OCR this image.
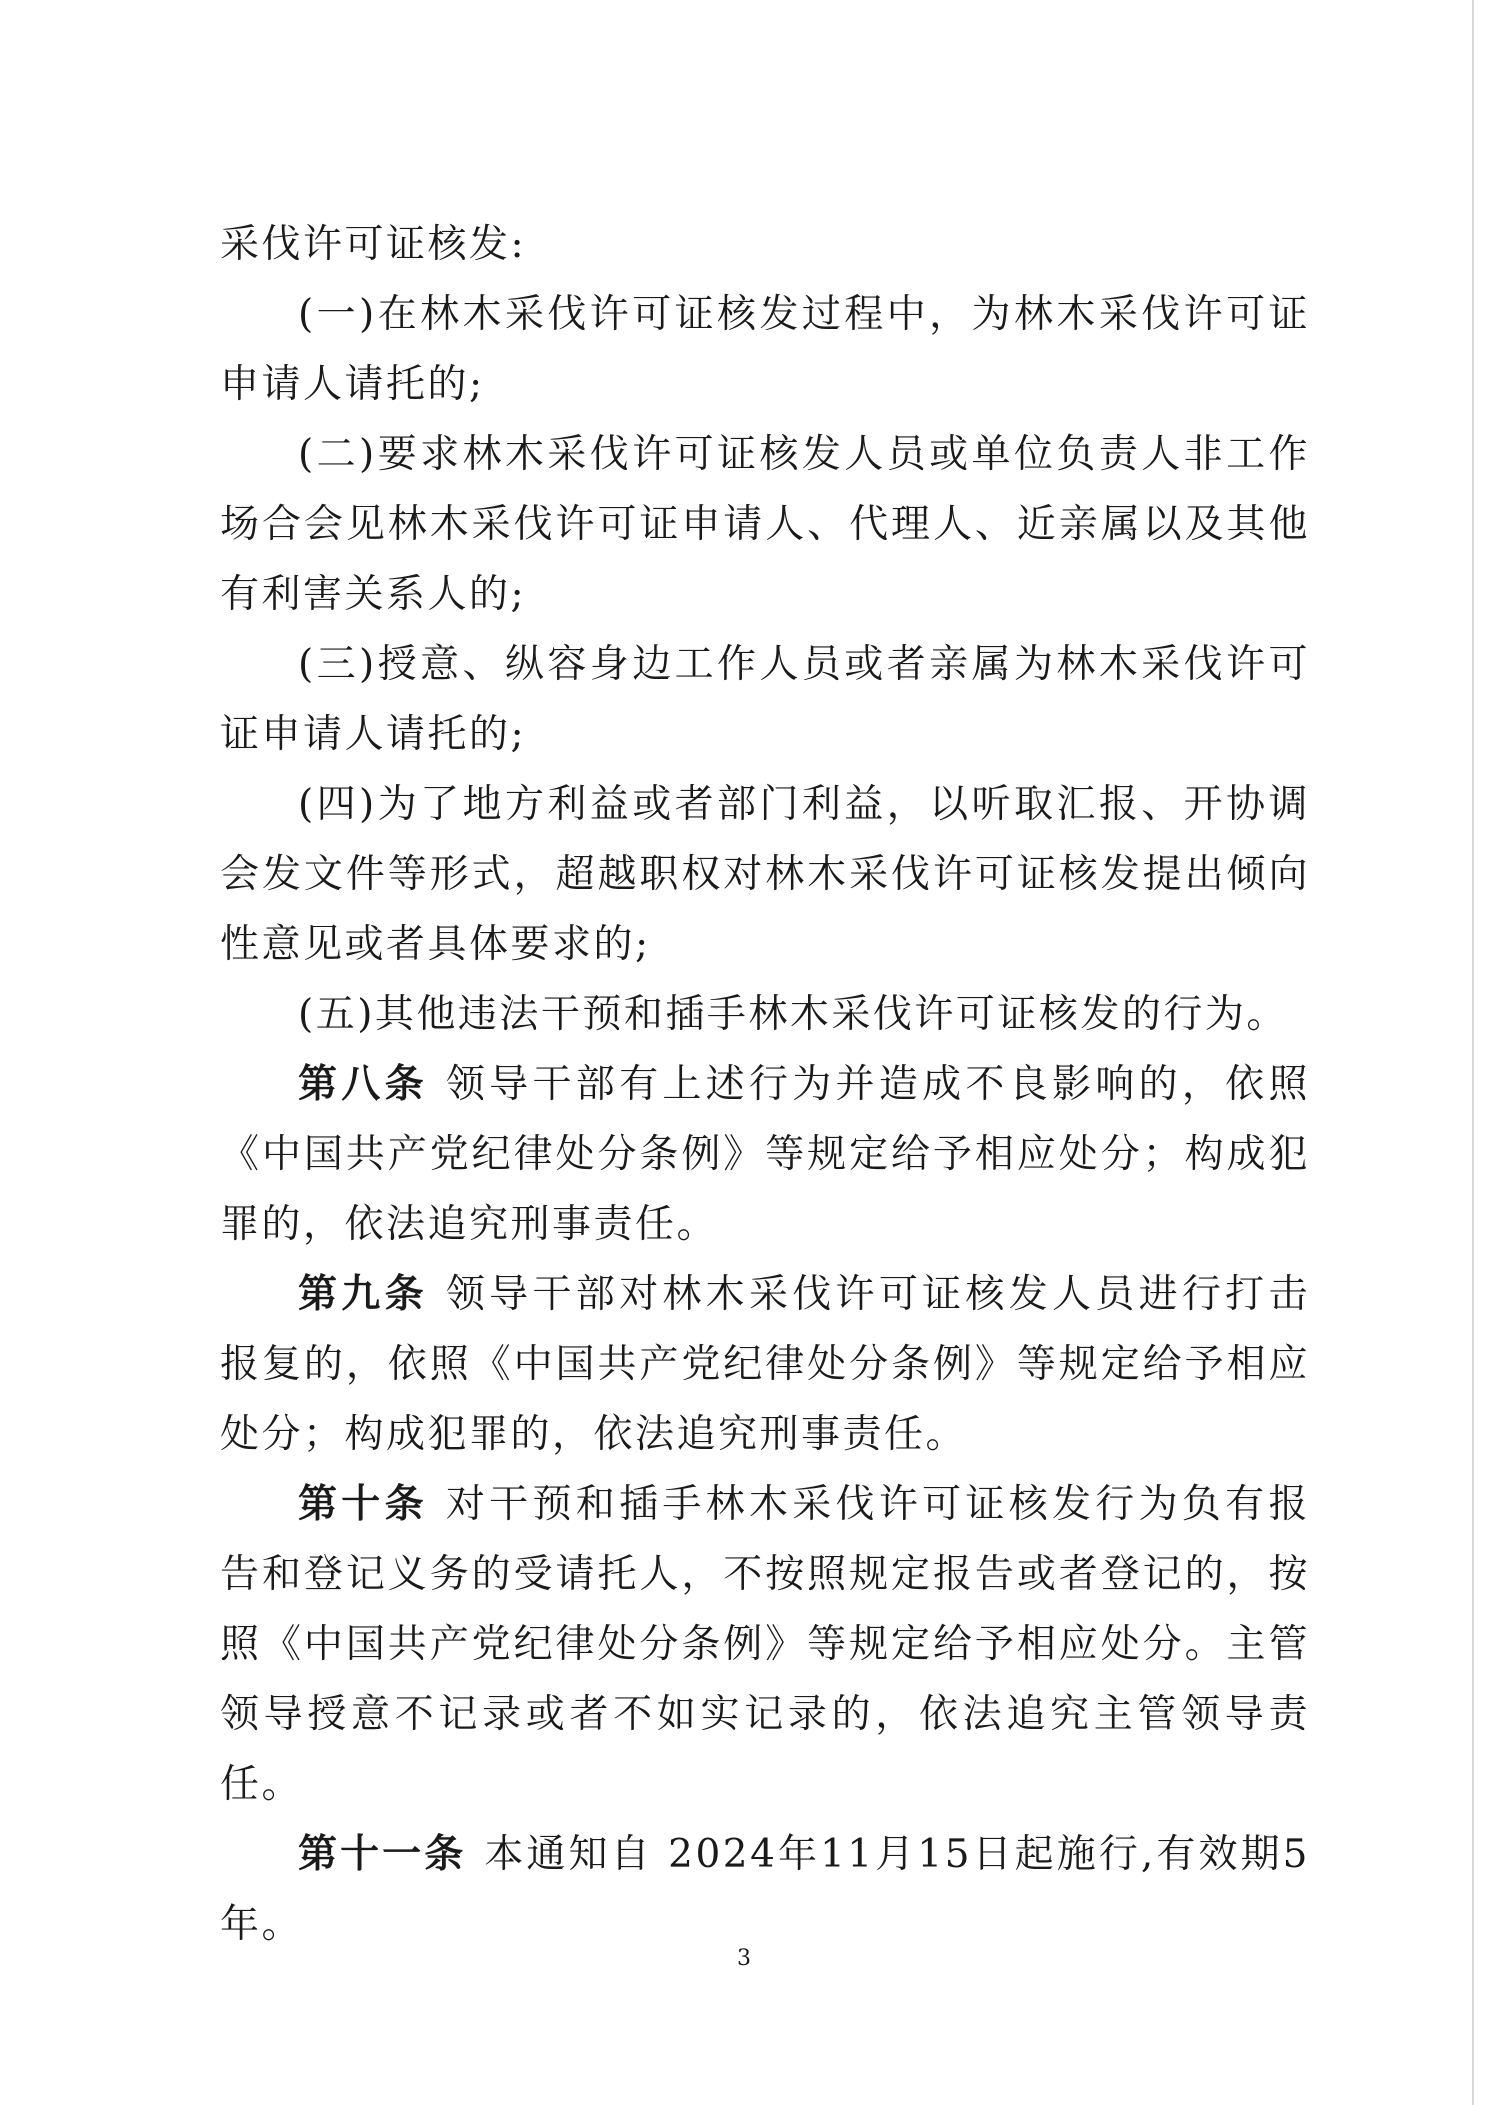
采伐许可证核发:

(一)在林木采伐许可证核发过程中，为林木采伐许可证申请人请托的;

(二)要求林木采伐许可证核发人员或单位负责人非工作场合会见林木采伐许可证申请人、代理人、近亲属以及其他有利害关系人的;

(三)授意、纵容身边工作人员或者亲属为林木采伐许可证申请人请托的;

(四)为了地方利益或者部门利益，以听取汇报、开协调会发文件等形式，超越职权对林木采伐许可证核发提出倾向性意见或者具体要求的;

(五)其他违法干预和插手林木采伐许可证核发的行为。

第八条 领导干部有上述行为并造成不良影响的，依照《中国共产党纪律处分条例》等规定给予相应处分；构成犯罪的，依法追究刑事责任。

第九条 领导干部对林木采伐许可证核发人员进行打击报复的，依照《中国共产党纪律处分条例》等规定给予相应处分；构成犯罪的，依法追究刑事责任。

第十条 对干预和插手林木采伐许可证核发行为负有报告和登记义务的受请托人，不按照规定报告或者登记的，按照《中国共产党纪律处分条例》等规定给予相应处分。主管领导授意不记录或者不如实记录的，依法追究主管领导责任。

第十一条 本通知自 2024年11月15日起施行,有效期5年。

3
